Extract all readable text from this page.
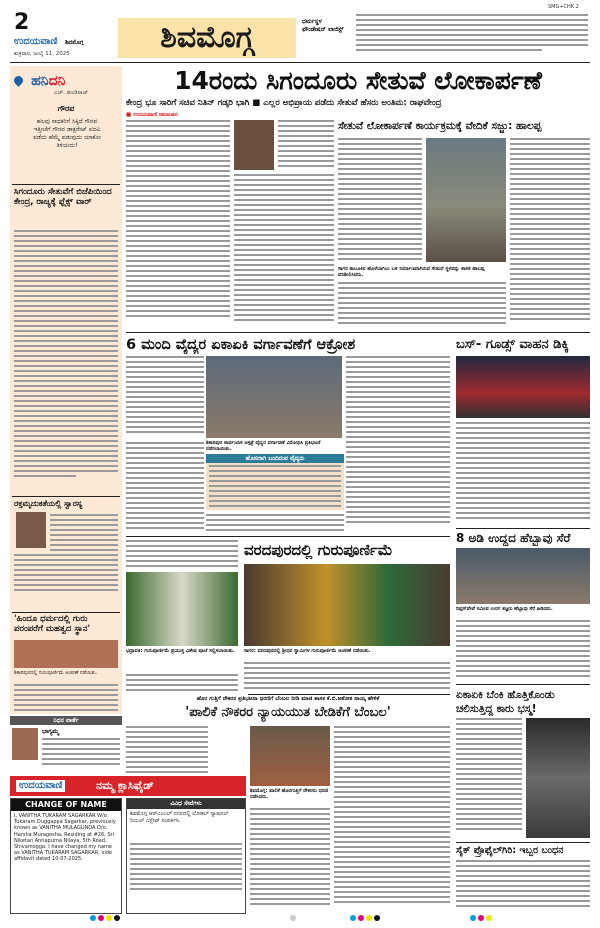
2
ಉದಯವಾಣಿ ಶಿವಮೊಗ್ಗ
ಶುಕ್ರವಾರ, ಜುಲೈ 11, 2025	ಶಿವಮೊಗ್ಗ	ಧರ್ಮಸ್ಥಳ
ಫೌಂಡೇಷನ್ ಲಾಜಿಸ್ಟ್
SMG+CHK 2
ಹನಿದನಿ
ಎಚ್. ಡುಂಡಿರಾಜ್
ಗೌರವ
ಹಲವು ಸಾಧಕರಿಗೆ ಸಿಕ್ಕಿದೆ ಗೌರವ ಇತ್ತೀಚೆಗೆ ಗೌರವ ಡಾಕ್ಟರೇಟ್ ಪದವಿ ಪಡೆದು ಹೆಮ್ಮೆ ಪಡುವುದು ಯಾಕೋ ತಿಳಿಯದು!
ಸಿಗಂದೂರು ಸೇತುವೆಗೆ ಬಿಜೆಪಿಯಿಂದ ಕೇಂದ್ರ, ರಾಜ್ಯಕ್ಕೆ ಫ್ಲೆಕ್ಸ್ ವಾರ್
ರಕ್ತಮೃದುಕತೆಯಲ್ಲಿ ಸ್ವಾರಸ್ಯ
'ಹಿಂದೂ ಧರ್ಮದಲ್ಲಿ ಗುರು ಪರಂಪರೆಗೆ ಮಹತ್ವದ ಸ್ಥಾನ'
ಶಿಕಾರಿಪುರದಲ್ಲಿ ಗುರುಪೂರ್ಣಿಮೆ ಆಚರಣೆ ನಡೆಯಿತು.
ನಿಧನ ವಾರ್ತೆ
ಭಾಗ್ಯಮ್ಮ
ಉದಯವಾಣಿ	ನಮ್ಮ ಕ್ಲಾಸಿಫೈಡ್
CHANGE OF NAME
I, VANITHA TUKARAM SAGARKAR W/o. Tukaram Duggappa Sagarkar, previously known as VANITHA MULAGUNDA D/o. Harsha Muragesha, Residing at #26, Sri Niketan Annapurna Nilaya, 5th Road, Shivamogga. I have changed my name as VANITHA TUKARAM SAGARKAR, vide affidavit dated 10-07-2025.
ವಿವಿಧ ಸೇವೆಗಳು
ಶಿವಮೊಗ್ಗ ಆರ್‌ಎಂಎಲ್ ನಗರದಲ್ಲಿ ಲೋಕಲ್ ನ್ಯಾಷನಲ್ ರಿಯಲ್ ಎಸ್ಟೇಟ್ ಸಂಪರ್ಕಿಸಿ.
14ರಂದು ಸಿಗಂದೂರು ಸೇತುವೆ ಲೋಕಾರ್ಪಣೆ
ಕೇಂದ್ರ ಭೂ ಸಾರಿಗೆ ಸಚಿವ ನಿತಿನ್ ಗಡ್ಕರಿ ಭಾಗಿ ■ ಎಲ್ಲರ ಅಭಿಪ್ರಾಯ ಪಡೆದು ಸೇತುವೆ ಹೆಸರು ಅಂತಿಮ: ರಾಘವೇಂದ್ರ
■ ಉದಯವಾಣಿ ಸಮಾಚಾರ
ಸೇತುವೆ ಲೋಕಾರ್ಪಣೆ ಕಾರ್ಯಕ್ರಮಕ್ಕೆ ವೇದಿಕೆ ಸಜ್ಜು: ಹಾಲಪ್ಪ
ಸಾಗರ ತಾಲೂಕಿನ ಹೊಳೆಬಾಗಿಲು ಬಳಿ ನಿರ್ಮಾಣವಾಗಿರುವ ಸೇತುವೆ ಸ್ಥಳವನ್ನು ಶಾಸಕ ಹಾಲಪ್ಪ ಪರಿಶೀಲಿಸಿದರು.
6 ಮಂದಿ ವೈದ್ಯರ ಏಕಾಏಕಿ ವರ್ಗಾವಣೆಗೆ ಆಕ್ರೋಶ
ಶಿಕಾರಿಪುರ ಸಾರ್ವಜನಿಕ ಆಸ್ಪತ್ರೆ ವೈದ್ಯರ ವರ್ಗಾವಣೆ ವಿರೋಧಿಸಿ ಪ್ರತಿಭಟನೆ ನಡೆಸಲಾಯಿತು.
ಹೊಸದಾಗಿ ಬಂದಿರುವ ವೈದ್ಯರು
ಬಸ್- ಗೂಡ್ಸ್ ವಾಹನ ಡಿಕ್ಕಿ
8 ಅಡಿ ಉದ್ದದ ಹೆಬ್ಬಾವು ಸೆರೆ
ರಿಪ್ಪನ್‌ಪೇಟೆ ಸಮೀಪ ಉರಗ ತಜ್ಞರು ಹೆಬ್ಬಾವು ಸೆರೆ ಹಿಡಿದರು.
ವರದಪುರದಲ್ಲಿ ಗುರುಪೂರ್ಣಿಮೆ
ಭದ್ರಾವತಿ: ಗುರುಪೂರ್ಣಿಮೆ ಪ್ರಯುಕ್ತ ವಿಶೇಷ ಪೂಜೆ ಸಲ್ಲಿಸಲಾಯಿತು.	ಸಾಗರ: ವರದಪುರದಲ್ಲಿ ಶ್ರೀಧರ ಸ್ವಾಮಿಗಳ ಗುರುಪೂರ್ಣಿಮೆ ಆಚರಣೆ ನಡೆಯಿತು.
ಏಕಾಏಕಿ ಬೆಂಕಿ ಹೊತ್ತಿಕೊಂಡು ಚಲಿಸುತ್ತಿದ್ದ ಕಾರು ಭಸ್ಮ!
ಸೈಕ್ ಪ್ರೊಫೈಲ್‌ಗಿರಿ: ಇಬ್ಬರ ಬಂಧನ
ಹೊರ ಗುತ್ತಿಗೆ ನೌಕರರ ಪ್ರತಿಭಟನಾ ಧರಣಿಗೆ ಬೆಂಬಲ ನೀಡಿ ಮಾಜಿ ಶಾಸಕ ಕೆ.ಬಿ.ಅಶೋಕ ನಾಯ್ಕ ಹೇಳಿಕೆ
'ಪಾಲಿಕೆ ನೌಕರರ ನ್ಯಾಯಯುತ ಬೇಡಿಕೆಗೆ ಬೆಂಬಲ'
ಶಿವಮೊಗ್ಗ: ಪಾಲಿಕೆ ಹೊರಗುತ್ತಿಗೆ ನೌಕರರು ಧರಣಿ ನಡೆಸಿದರು.
